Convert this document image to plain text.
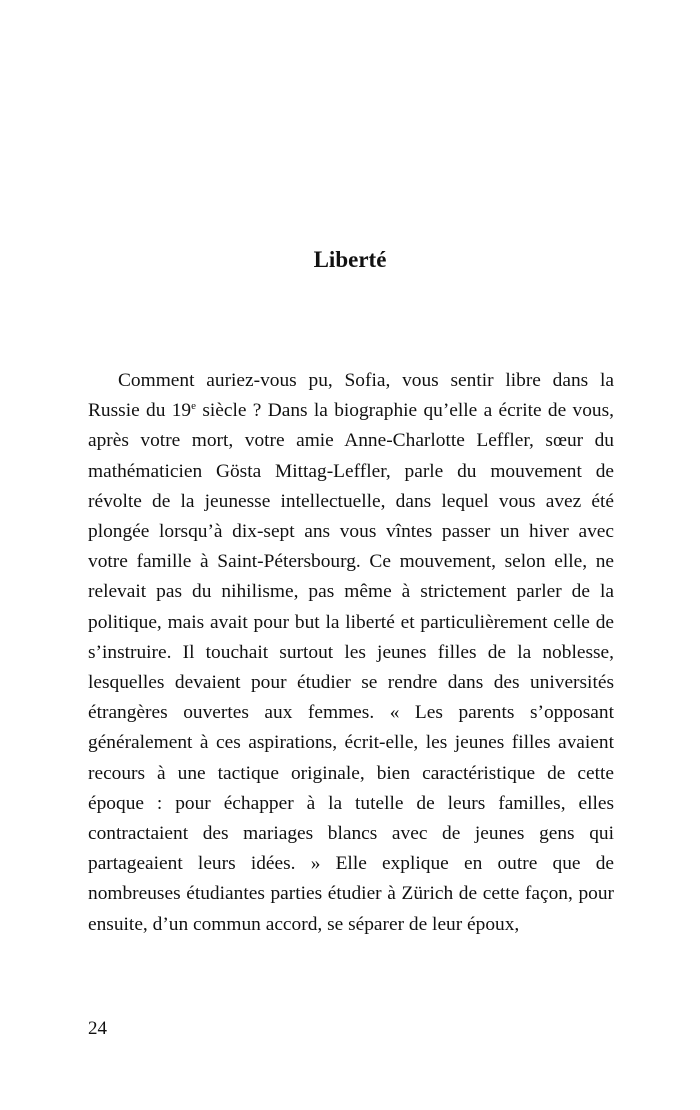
Liberté

Comment auriez-vous pu, Sofia, vous sentir libre dans la Russie du 19e siècle ? Dans la biographie qu’elle a écrite de vous, après votre mort, votre amie Anne-Charlotte Leffler, sœur du mathématicien Gösta Mittag-Leffler, parle du mouvement de révolte de la jeunesse intellectuelle, dans lequel vous avez été plongée lorsqu’à dix-sept ans vous vîntes passer un hiver avec votre famille à Saint-Pétersbourg. Ce mouvement, selon elle, ne relevait pas du nihilisme, pas même à strictement parler de la politique, mais avait pour but la liberté et particulièrement celle de s’instruire. Il touchait surtout les jeunes filles de la noblesse, lesquelles devaient pour étudier se rendre dans des universités étrangères ouvertes aux femmes. « Les parents s’opposant généralement à ces aspirations, écrit-elle, les jeunes filles avaient recours à une tactique originale, bien caractéristique de cette époque : pour échapper à la tutelle de leurs familles, elles contractaient des mariages blancs avec de jeunes gens qui partageaient leurs idées. » Elle explique en outre que de nombreuses étudiantes parties étudier à Zürich de cette façon, pour ensuite, d’un commun accord, se séparer de leur époux,

24
